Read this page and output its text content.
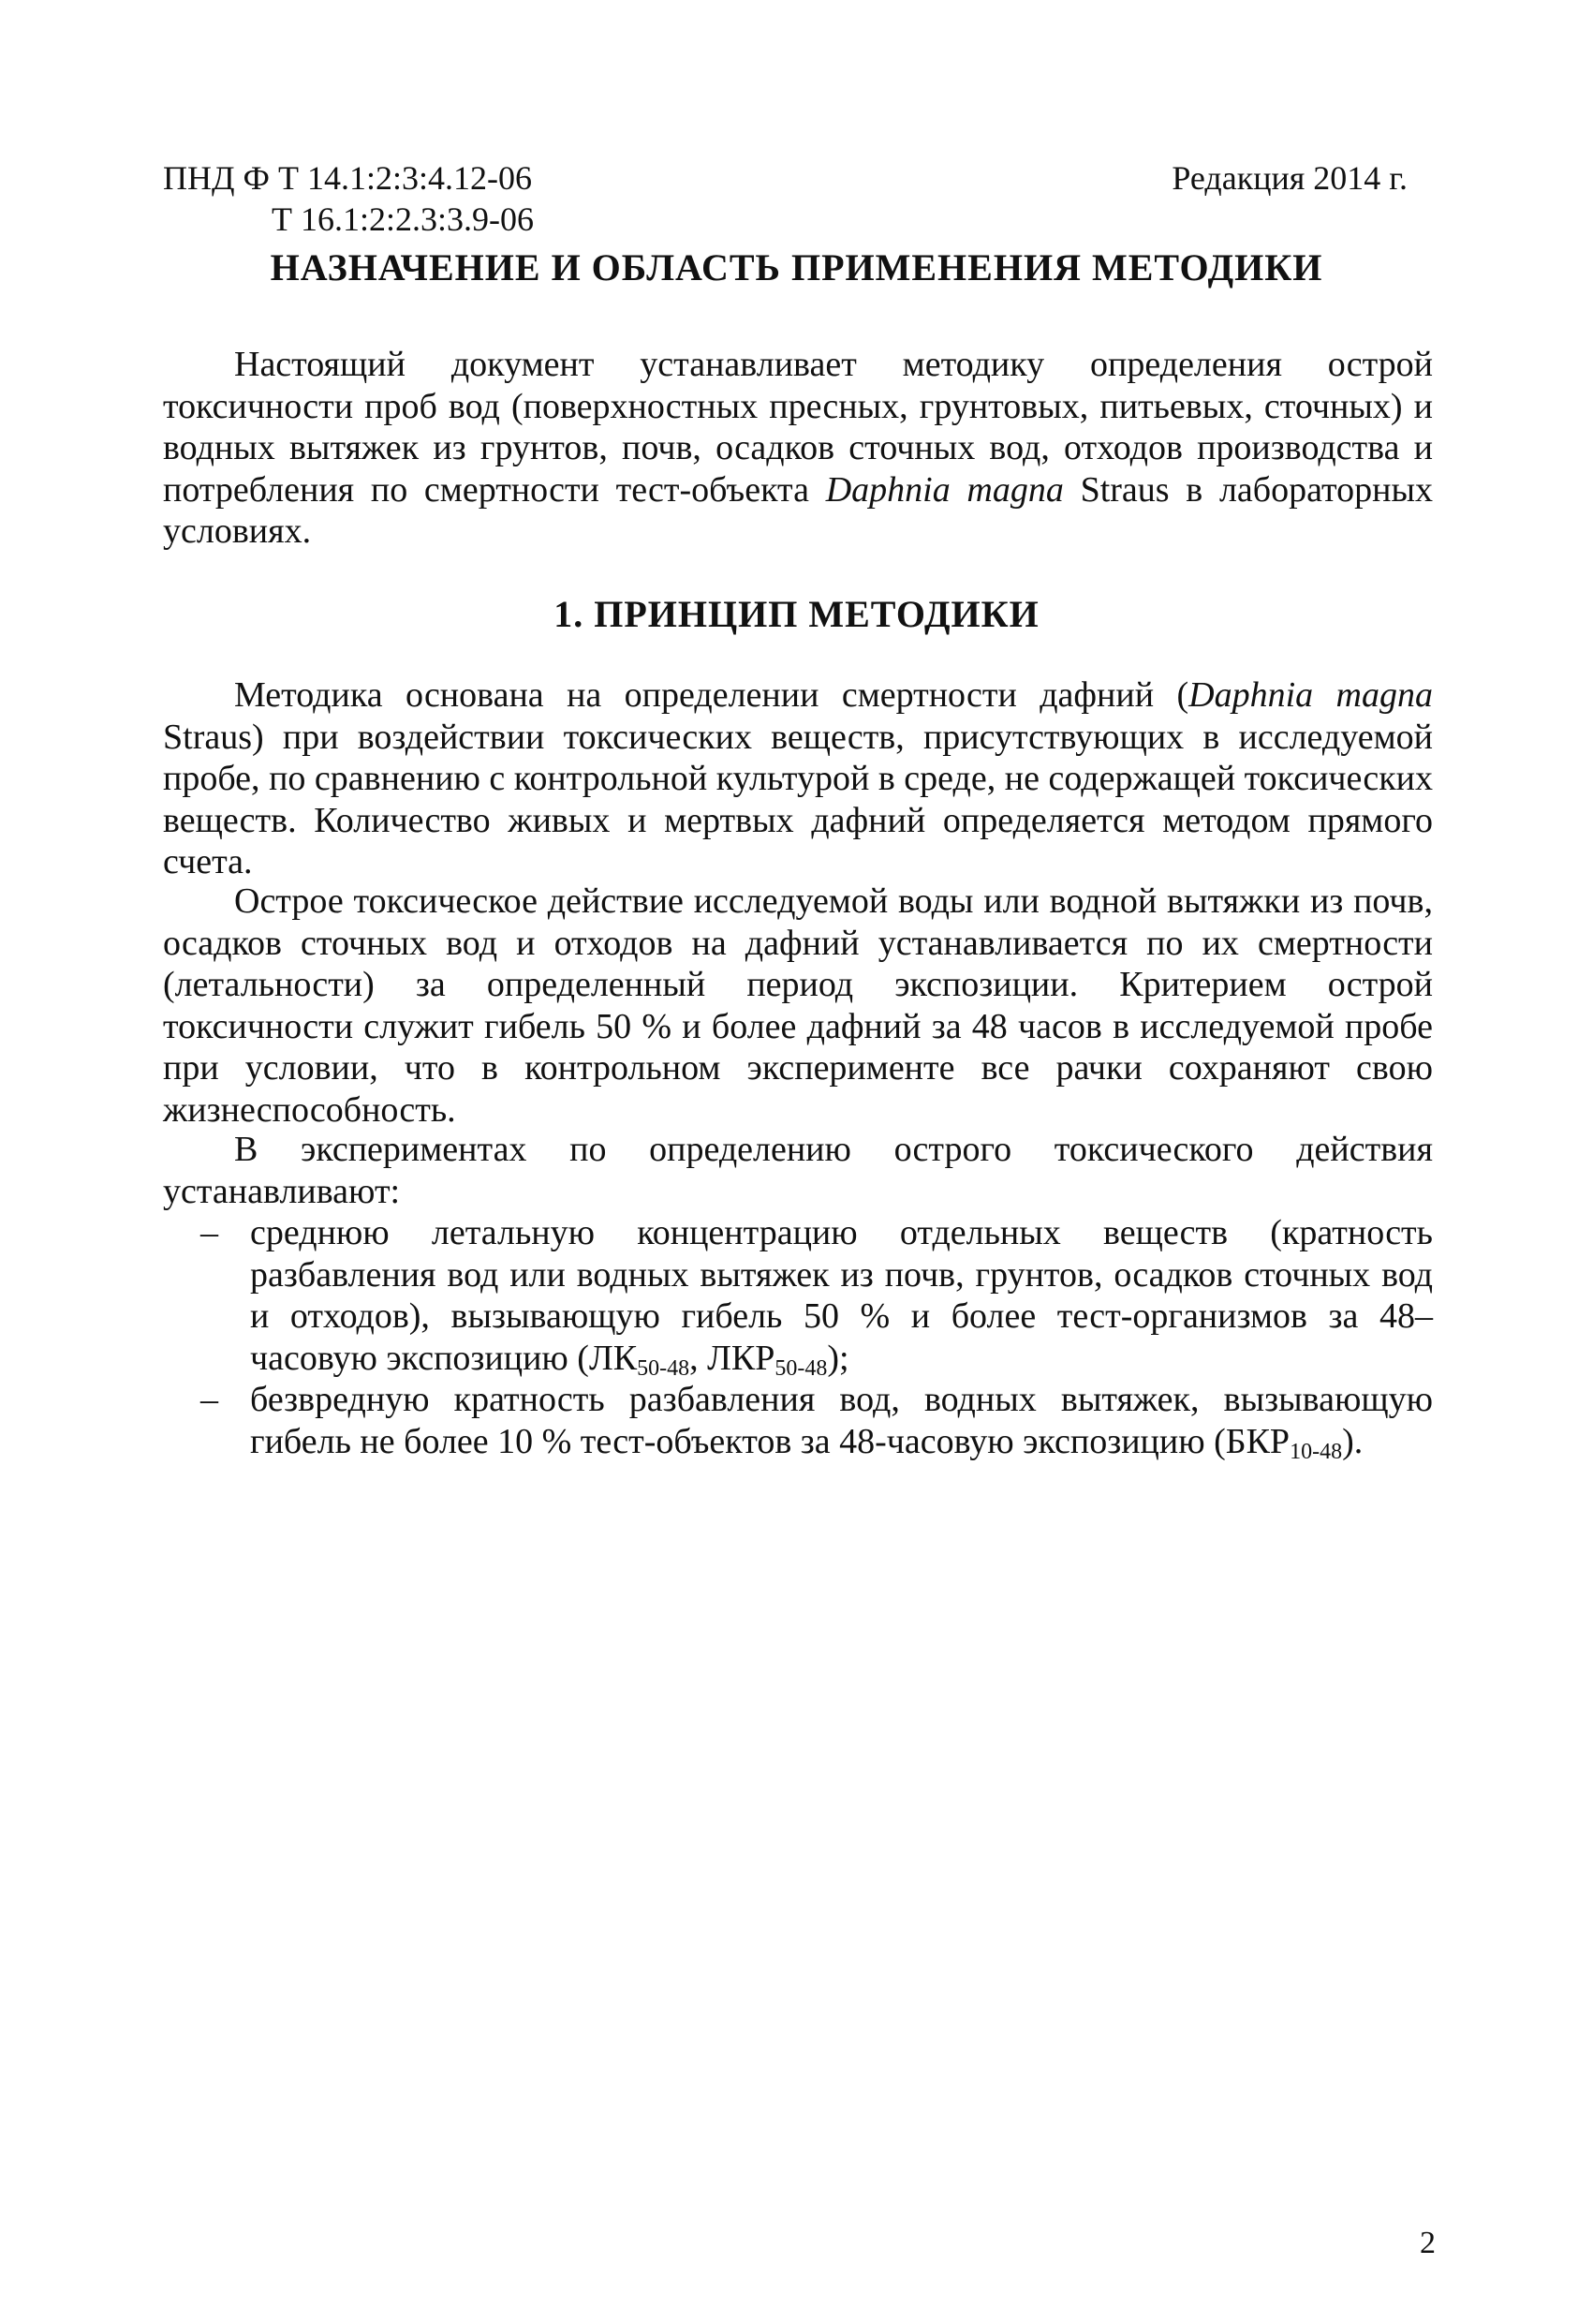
ПНД Ф Т 14.1:2:3:4.12-06
Т 16.1:2:2.3:3.9-06
Редакция 2014 г.
НАЗНАЧЕНИЕ И ОБЛАСТЬ ПРИМЕНЕНИЯ МЕТОДИКИ
Настоящий документ устанавливает методику определения острой токсичности проб вод (поверхностных пресных, грунтовых, питьевых, сточных) и водных вытяжек из грунтов, почв, осадков сточных вод, отходов производства и потребления по смертности тест-объекта Daphnia magna Straus в лабораторных условиях.
1. ПРИНЦИП МЕТОДИКИ
Методика основана на определении смертности дафний (Daphnia magna Straus) при воздействии токсических веществ, присутствующих в исследуемой пробе, по сравнению с контрольной культурой в среде, не содержащей токсических веществ. Количество живых и мертвых дафний определяется методом прямого счета.
Острое токсическое действие исследуемой воды или водной вытяжки из почв, осадков сточных вод и отходов на дафний устанавливается по их смертности (летальности) за определенный период экспозиции. Критерием острой токсичности служит гибель 50 % и более дафний за 48 часов в исследуемой пробе при условии, что в контрольном эксперименте все рачки сохраняют свою жизнеспособность.
В экспериментах по определению острого токсического действия устанавливают:
– среднюю летальную концентрацию отдельных веществ (кратность разбавления вод или водных вытяжек из почв, грунтов, осадков сточных вод и отходов), вызывающую гибель 50 % и более тест-организмов за 48–часовую экспозицию ($ЛК_{50-48}$, $ЛКР_{50-48}$);
– безвредную кратность разбавления вод, водных вытяжек, вызывающую гибель не более 10 % тест-объектов за 48-часовую экспозицию $(БКР_{10-48})$.
2
